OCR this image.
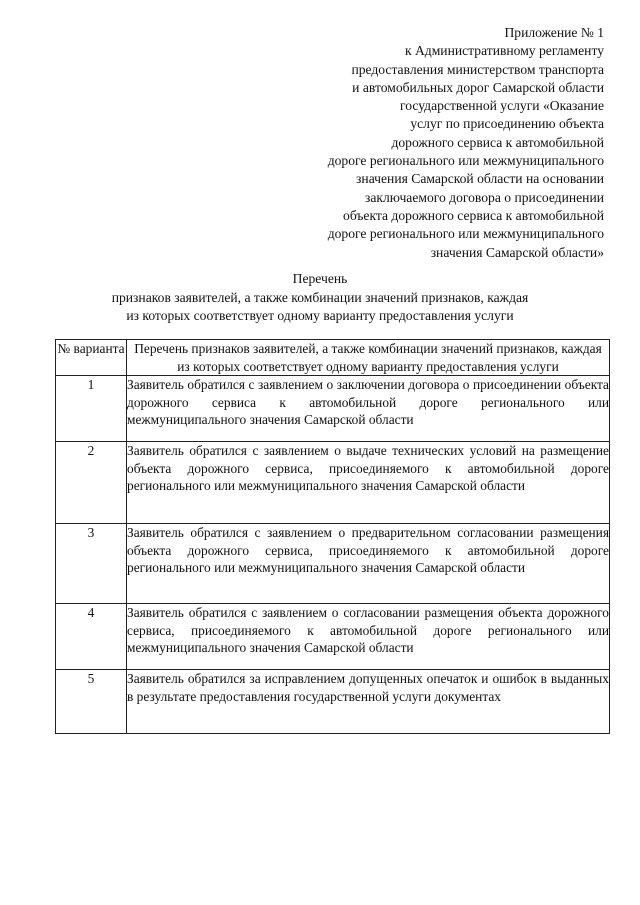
Приложение № 1
к Административному регламенту
предоставления министерством транспорта
и автомобильных дорог Самарской области
государственной услуги «Оказание
услуг по присоединению объекта
дорожного сервиса к автомобильной
дороге регионального или межмуниципального
значения Самарской области на основании
заключаемого договора о присоединении
объекта дорожного сервиса к автомобильной
дороге регионального или межмуниципального
значения Самарской области»
Перечень
признаков заявителей, а также комбинации значений признаков, каждая
из которых соответствует одному варианту предоставления услуги
№ варианта	Перечень признаков заявителей, а также комбинации значений признаков, каждая из которых соответствует одному варианту предоставления услуги
1	Заявитель обратился с заявлением о заключении договора о присоединении объекта дорожного сервиса к автомобильной дороге регионального или межмуниципального значения Самарской области
2	Заявитель обратился с заявлением о выдаче технических условий на размещение объекта дорожного сервиса, присоединяемого к автомобильной дороге регионального или межмуниципального значения Самарской области
3	Заявитель обратился с заявлением о предварительном согласовании размещения объекта дорожного сервиса, присоединяемого к автомобильной дороге регионального или межмуниципального значения Самарской области
4	Заявитель обратился с заявлением о согласовании размещения объекта дорожного сервиса, присоединяемого к автомобильной дороге регионального или межмуниципального значения Самарской области
5	Заявитель обратился за исправлением допущенных опечаток и ошибок в выданных в результате предоставления государственной услуги документах
